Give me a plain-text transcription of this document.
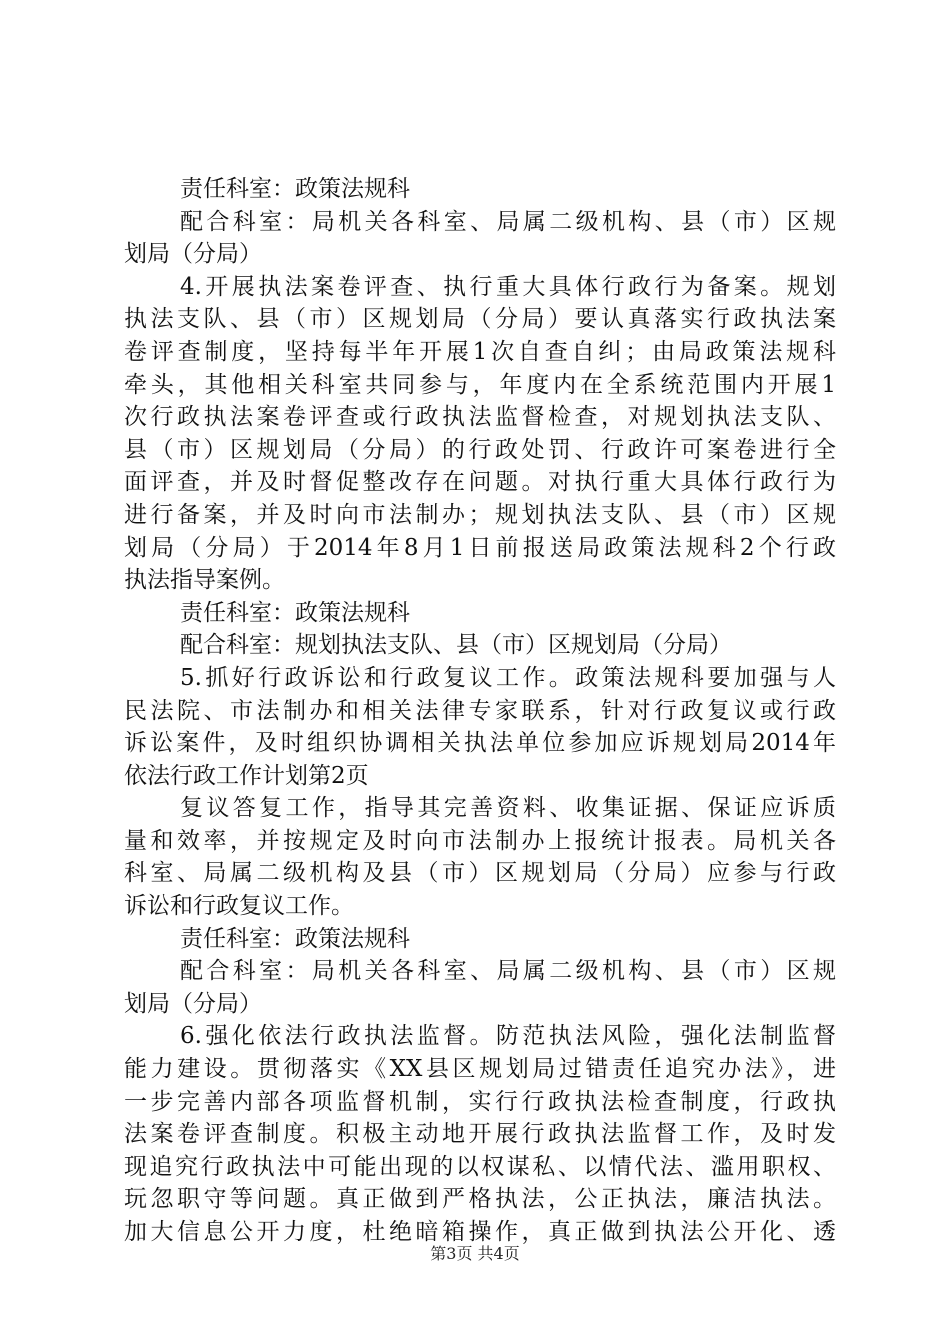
责任科室：政策法规科
配合科室：局机关各科室、局属二级机构、县（市）区规
划局（分局）
4.开展执法案卷评查、执行重大具体行政行为备案。规划
执法支队、县（市）区规划局（分局）要认真落实行政执法案
卷评查制度，坚持每半年开展1次自查自纠；由局政策法规科
牵头，其他相关科室共同参与，年度内在全系统范围内开展1
次行政执法案卷评查或行政执法监督检查，对规划执法支队、
县（市）区规划局（分局）的行政处罚、行政许可案卷进行全
面评查，并及时督促整改存在问题。对执行重大具体行政行为
进行备案，并及时向市法制办；规划执法支队、县（市）区规
划局（分局）于2014年8月1日前报送局政策法规科2个行政
执法指导案例。
责任科室：政策法规科
配合科室：规划执法支队、县（市）区规划局（分局）
5.抓好行政诉讼和行政复议工作。政策法规科要加强与人
民法院、市法制办和相关法律专家联系，针对行政复议或行政
诉讼案件，及时组织协调相关执法单位参加应诉规划局2014年
依法行政工作计划第2页
复议答复工作，指导其完善资料、收集证据、保证应诉质
量和效率，并按规定及时向市法制办上报统计报表。局机关各
科室、局属二级机构及县（市）区规划局（分局）应参与行政
诉讼和行政复议工作。
责任科室：政策法规科
配合科室：局机关各科室、局属二级机构、县（市）区规
划局（分局）
6.强化依法行政执法监督。防范执法风险，强化法制监督
能力建设。贯彻落实《XX县区规划局过错责任追究办法》，进
一步完善内部各项监督机制，实行行政执法检查制度，行政执
法案卷评查制度。积极主动地开展行政执法监督工作，及时发
现追究行政执法中可能出现的以权谋私、以情代法、滥用职权、
玩忽职守等问题。真正做到严格执法，公正执法，廉洁执法。
加大信息公开力度，杜绝暗箱操作，真正做到执法公开化、透
第3页 共4页
